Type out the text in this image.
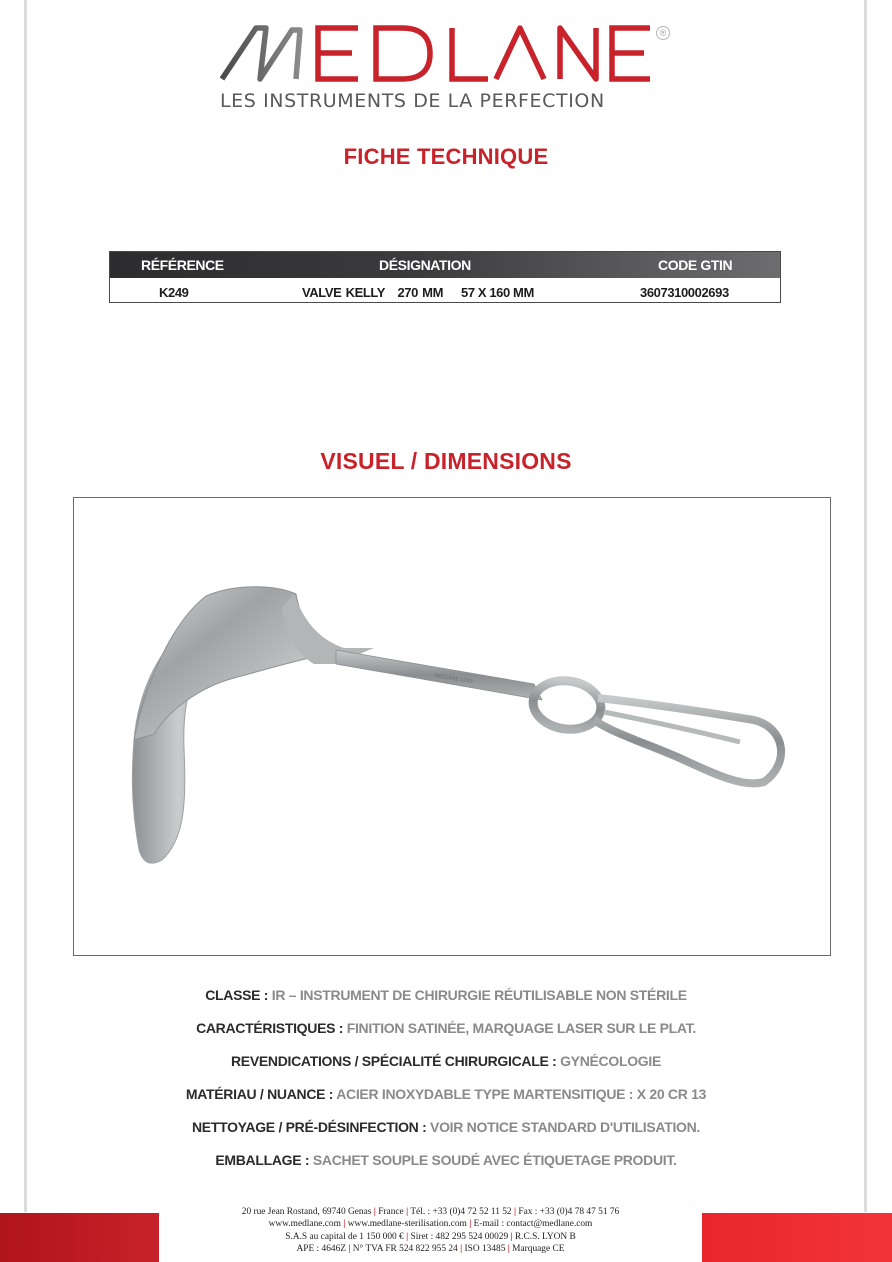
®
LES INSTRUMENTS DE LA PERFECTION
FICHE TECHNIQUE
RÉFÉRENCE	DÉSIGNATION	CODE GTIN
K249	VALVE KELLY   270 MM 57 X 160 MM	3607310002693
VISUEL / DIMENSIONS
MEDLANE K249
CLASSE : IR – INSTRUMENT DE CHIRURGIE RÉUTILISABLE NON STÉRILE
CARACTÉRISTIQUES : FINITION SATINÉE, MARQUAGE LASER SUR LE PLAT.
REVENDICATIONS / SPÉCIALITÉ CHIRURGICALE : GYNÉCOLOGIE
MATÉRIAU / NUANCE : ACIER INOXYDABLE TYPE MARTENSITIQUE : X 20 CR 13
NETTOYAGE / PRÉ-DÉSINFECTION : VOIR NOTICE STANDARD D'UTILISATION.
EMBALLAGE : SACHET SOUPLE SOUDÉ AVEC ÉTIQUETAGE PRODUIT.
20 rue Jean Rostand, 69740 Genas | France | Tél. : +33 (0)4 72 52 11 52 | Fax : +33 (0)4 78 47 51 76
www.medlane.com | www.medlane-sterilisation.com | E-mail : contact@medlane.com
S.A.S au capital de 1 150 000 € | Siret : 482 295 524 00029 | R.C.S. LYON B
APE : 4646Z | N° TVA FR 524 822 955 24 | ISO 13485 | Marquage CE
